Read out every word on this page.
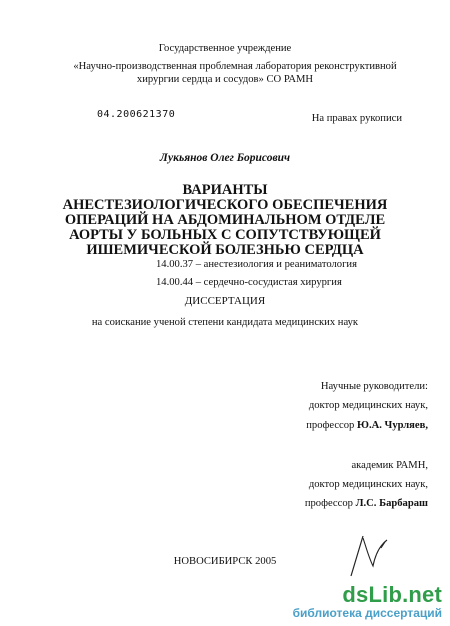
Государственное учреждение
«Научно-производственная проблемная лаборатория реконструктивной
хирургии сердца и сосудов» СО РАМН
04.200621370	На правах рукописи
Лукьянов Олег Борисович
ВАРИАНТЫ
АНЕСТЕЗИОЛОГИЧЕСКОГО ОБЕСПЕЧЕНИЯ
ОПЕРАЦИЙ НА АБДОМИНАЛЬНОМ ОТДЕЛЕ
АОРТЫ У БОЛЬНЫХ С СОПУТСТВУЮЩЕЙ
ИШЕМИЧЕСКОЙ БОЛЕЗНЬЮ СЕРДЦА
14.00.37 – анестезиология и реаниматология
14.00.44 – сердечно-сосудистая хирургия
ДИССЕРТАЦИЯ
на соискание ученой степени кандидата медицинских наук
Научные руководители:
доктор медицинских наук,
профессор Ю.А. Чурляев,
академик РАМН,
доктор медицинских наук,
профессор Л.С. Барбараш
НОВОСИБИРСК 2005
dsLib.net
библиотека диссертаций
